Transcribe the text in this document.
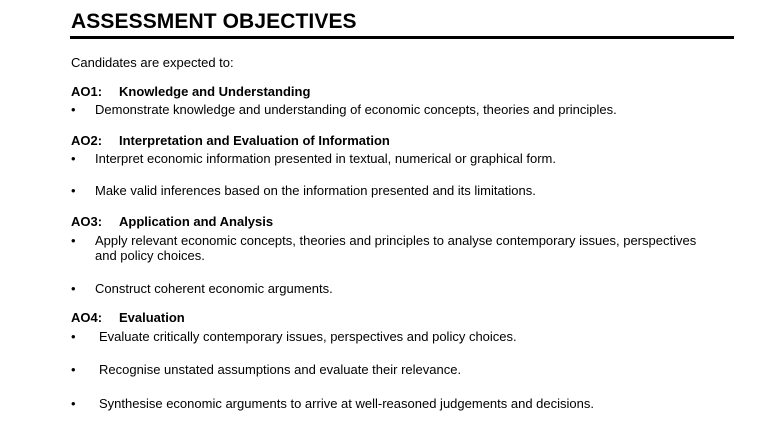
ASSESSMENT OBJECTIVES
Candidates are expected to:
AO1: Knowledge and Understanding
•	Demonstrate knowledge and understanding of economic concepts, theories and principles.
AO2: Interpretation and Evaluation of Information
•	Interpret economic information presented in textual, numerical or graphical form.
•	Make valid inferences based on the information presented and its limitations.
AO3: Application and Analysis
•	Apply relevant economic concepts, theories and principles to analyse contemporary issues, perspectives and policy choices.
•	Construct coherent economic arguments.
AO4: Evaluation
•	Evaluate critically contemporary issues, perspectives and policy choices.
•	Recognise unstated assumptions and evaluate their relevance.
•	Synthesise economic arguments to arrive at well-reasoned judgements and decisions.
